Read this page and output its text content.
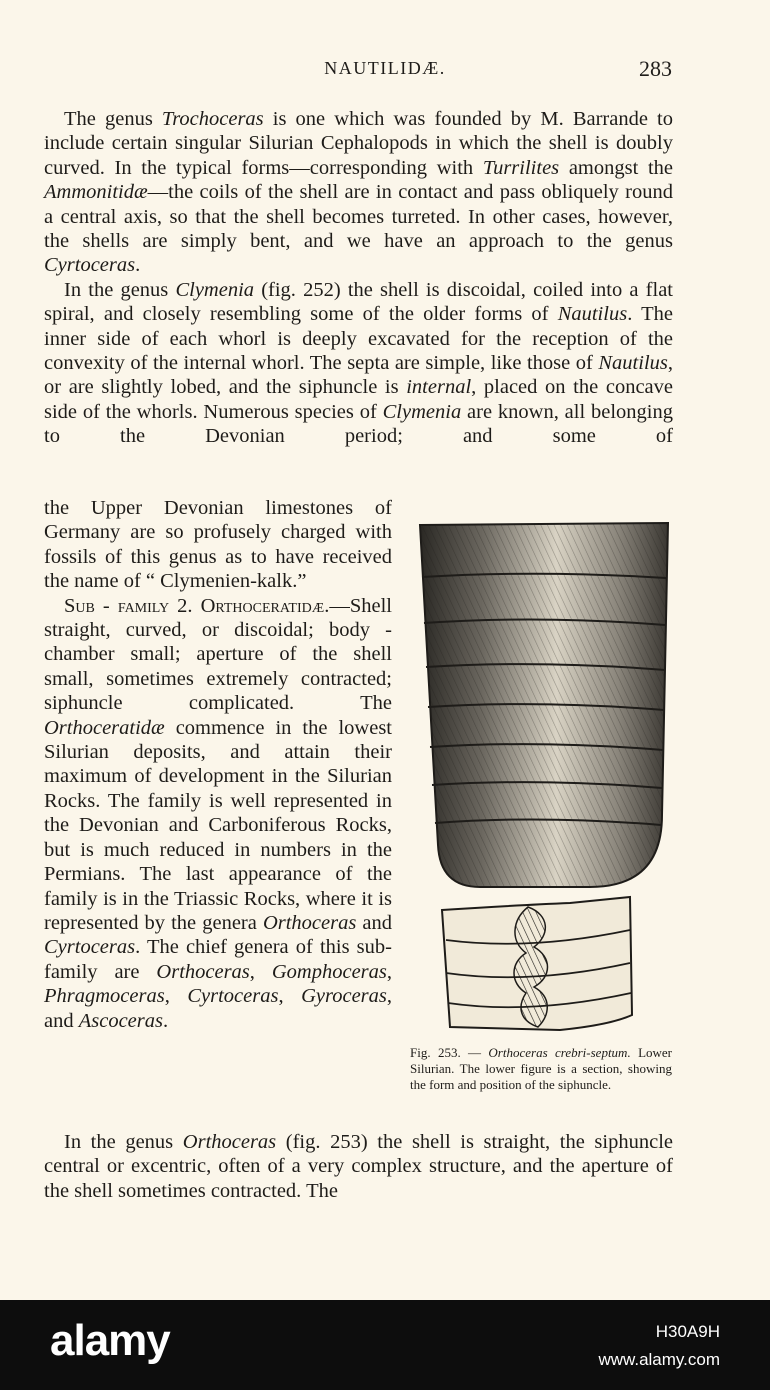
NAUTILIDÆ.	283

The genus Trochoceras is one which was founded by M. Barrande to include certain singular Silurian Cephalopods in which the shell is doubly curved. In the typical forms—corresponding with Turrilites amongst the Ammonitidæ—the coils of the shell are in contact and pass obliquely round a central axis, so that the shell becomes turreted. In other cases, however, the shells are simply bent, and we have an approach to the genus Cyrtoceras.

In the genus Clymenia (fig. 252) the shell is discoidal, coiled into a flat spiral, and closely resembling some of the older forms of Nautilus. The inner side of each whorl is deeply excavated for the reception of the convexity of the internal whorl. The septa are simple, like those of Nautilus, or are slightly lobed, and the siphuncle is internal, placed on the concave side of the whorls. Numerous species of Clymenia are known, all belonging to the Devonian period; and some of

the Upper Devonian limestones of Germany are so profusely charged with fossils of this genus as to have received the name of “ Clymenien-kalk.”

Sub - family 2. Orthoceratidæ.—Shell straight, curved, or discoidal; body - chamber small; aperture of the shell small, sometimes extremely contracted; siphuncle complicated. The Orthoceratidæ commence in the lowest Silurian deposits, and attain their maximum of development in the Silurian Rocks. The family is well represented in the Devonian and Carboniferous Rocks, but is much reduced in numbers in the Permians. The last appearance of the family is in the Triassic Rocks, where it is represented by the genera Orthoceras and Cyrtoceras. The chief genera of this sub-family are Orthoceras, Gomphoceras, Phragmoceras, Cyrtoceras, Gyroceras, and Ascoceras.

In the genus Orthoceras (fig. 253) the shell is straight, the siphuncle central or excentric, often of a very complex structure, and the aperture of the shell sometimes contracted. The

Fig. 253. — Orthoceras crebri-septum. Lower Silurian. The lower figure is a section, showing the form and position of the siphuncle.
alamy	H30A9H
www.alamy.com
